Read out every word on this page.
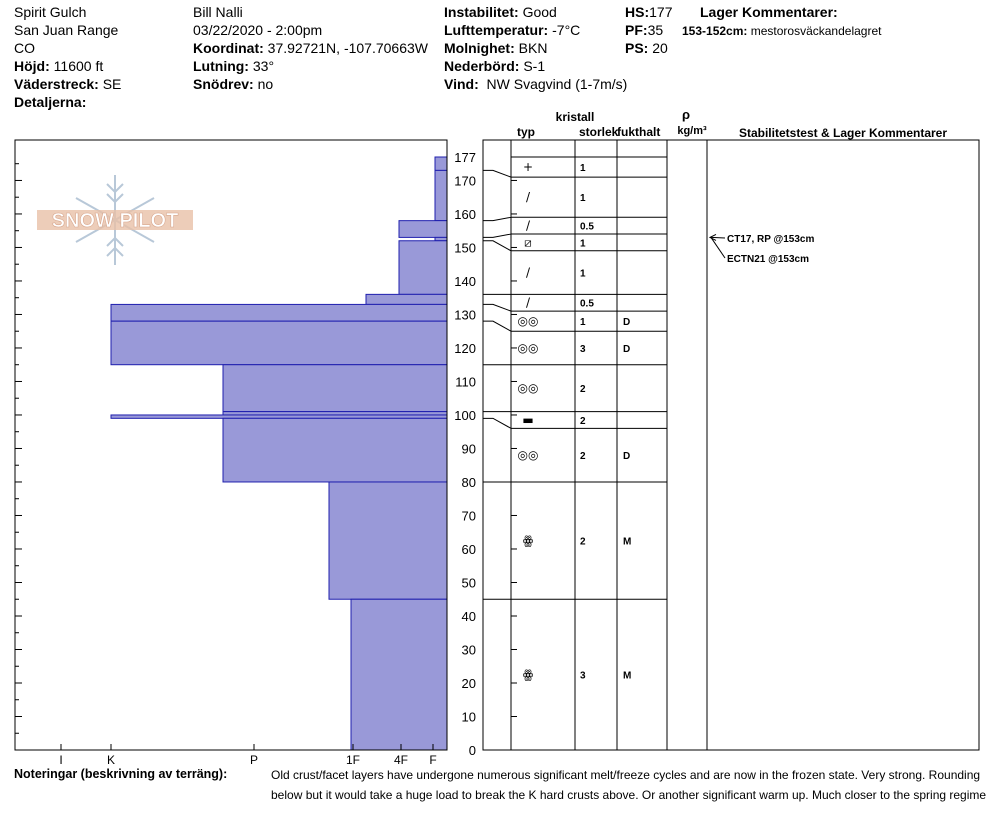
Spirit Gulch
San Juan Range
CO
Höjd: 11600 ft
Väderstreck: SE
Detaljerna:
Bill Nalli
03/22/2020 - 2:00pm
Koordinat: 37.92721N, -107.70663W
Lutning: 33°
Snödrev: no
Instabilitet: Good
Lufttemperatur: -7°C
Molnighet: BKN
Nederbörd: S-1
Vind: NW Svagvind (1-7m/s)
HS:177
PF:35
PS: 20
Lager Kommentarer:
153-152cm: mestorosväckandelagret
SNOW PILOT
F
4F
1F
P
K
I
0
10
20
30
40
50
60
70
80
90
100
110
120
130
140
150
160
170
177
+	1
/	1
/	0.5
⧄	1
/	1
/	0.5
◎◎	1	D
◎◎	3	D
◎◎	2
▬	2
◎◎	2	D
ꙮ	2	M
ꙮ	3	M
CT17, RP @153cm
ECTN21 @153cm
kristall
typ	storlek
fukthalt
ρ
kg/m³	Stabilitetstest & Lager Kommentarer
Noteringar (beskrivning av terräng):	Old crust/facet layers have undergone numerous significant melt/freeze cycles and are now in the frozen state. Very strong. Rounding
below but it would take a huge load to break the K hard crusts above. Or another significant warm up. Much closer to the spring regime
